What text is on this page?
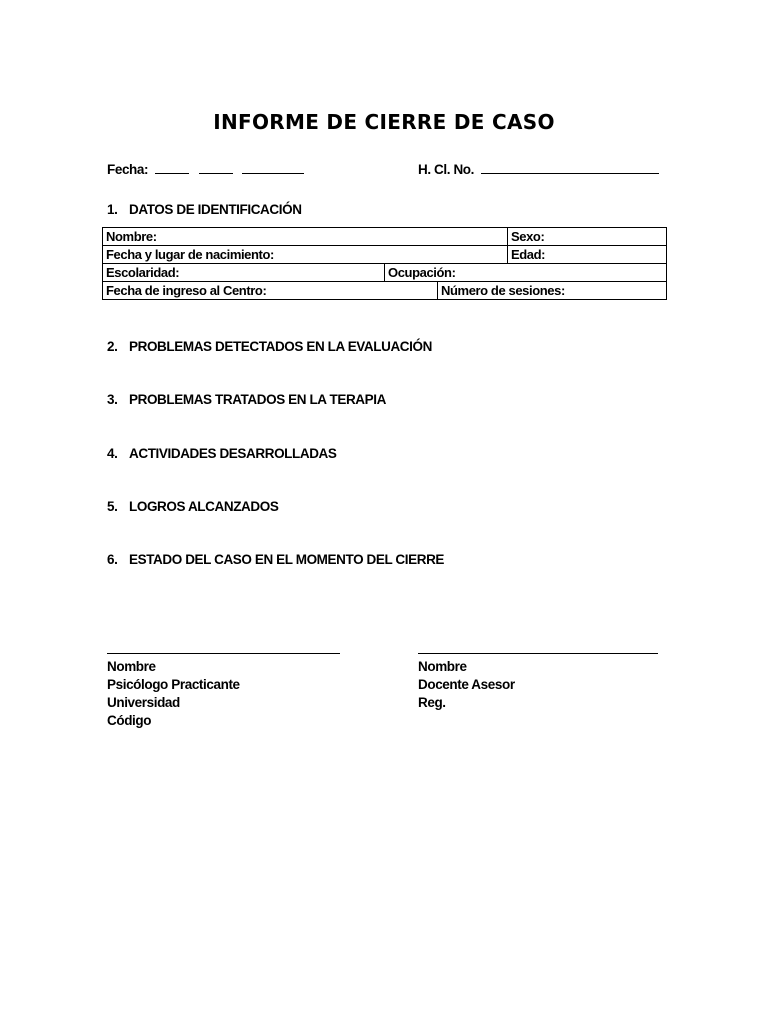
INFORME DE CIERRE DE CASO
Fecha:	H. Cl. No.
1. DATOS DE IDENTIFICACIÓN
Nombre:			Sexo:
Fecha y lugar de nacimiento:			Edad:
Escolaridad:	Ocupación:		
Fecha de ingreso al Centro:		Número de sesiones:	
2. PROBLEMAS DETECTADOS EN LA EVALUACIÓN
3. PROBLEMAS TRATADOS EN LA TERAPIA
4. ACTIVIDADES DESARROLLADAS
5. LOGROS ALCANZADOS
6. ESTADO DEL CASO EN EL MOMENTO DEL CIERRE
Nombre
Psicólogo Practicante
Universidad
Código
Nombre
Docente Asesor
Reg.
